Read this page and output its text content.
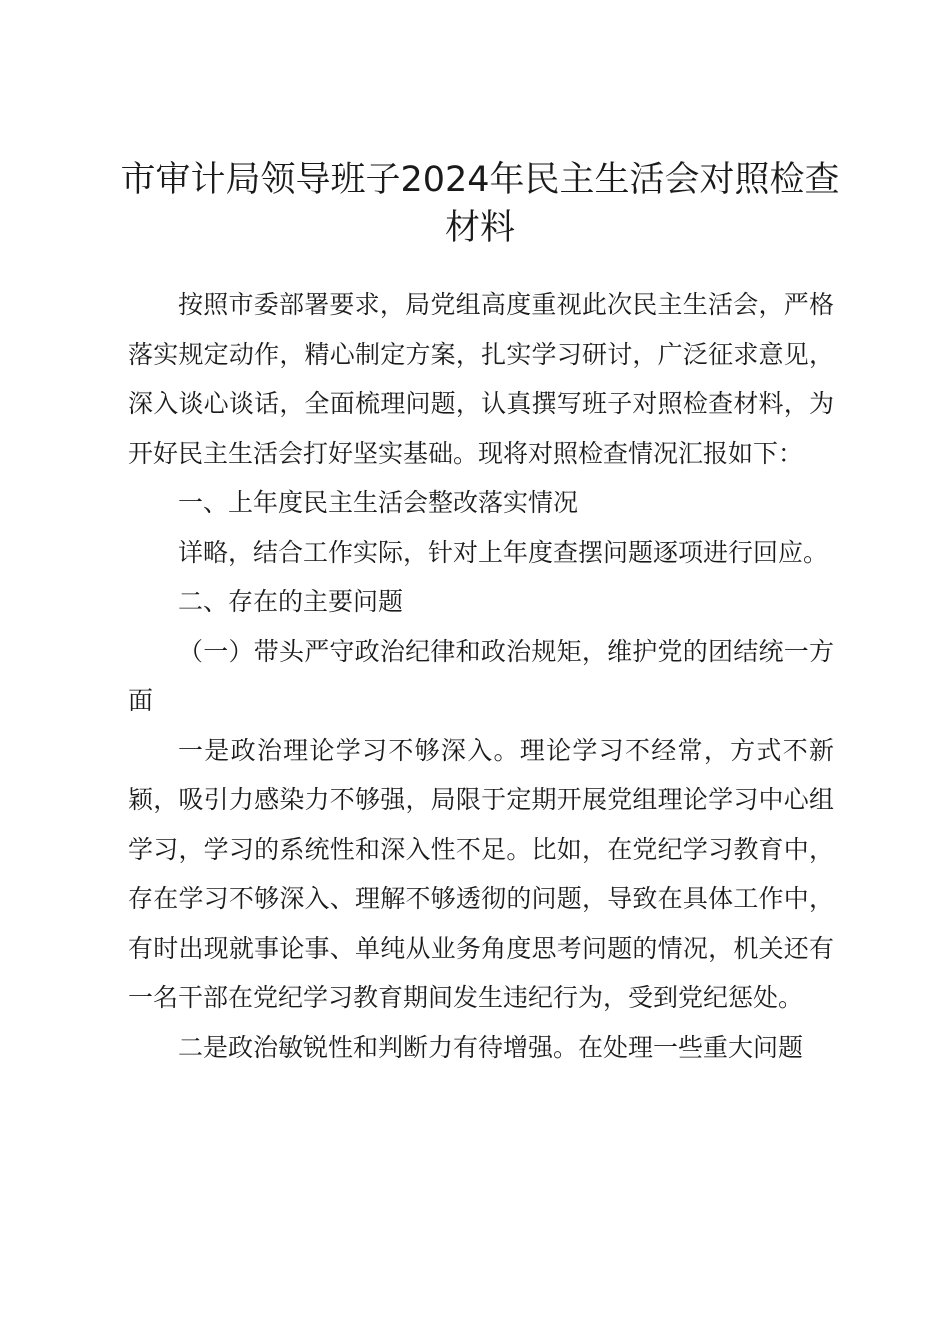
市审计局领导班子2024年民主生活会对照检查材料

按照市委部署要求，局党组高度重视此次民主生活会，严格落实规定动作，精心制定方案，扎实学习研讨，广泛征求意见，深入谈心谈话，全面梳理问题，认真撰写班子对照检查材料，为开好民主生活会打好坚实基础。现将对照检查情况汇报如下：

一、上年度民主生活会整改落实情况

详略，结合工作实际，针对上年度查摆问题逐项进行回应。

二、存在的主要问题

（一）带头严守政治纪律和政治规矩，维护党的团结统一方面

一是政治理论学习不够深入。理论学习不经常，方式不新颖，吸引力感染力不够强，局限于定期开展党组理论学习中心组学习，学习的系统性和深入性不足。比如，在党纪学习教育中，存在学习不够深入、理解不够透彻的问题，导致在具体工作中，有时出现就事论事、单纯从业务角度思考问题的情况，机关还有一名干部在党纪学习教育期间发生违纪行为，受到党纪惩处。

二是政治敏锐性和判断力有待增强。在处理一些重大问题
